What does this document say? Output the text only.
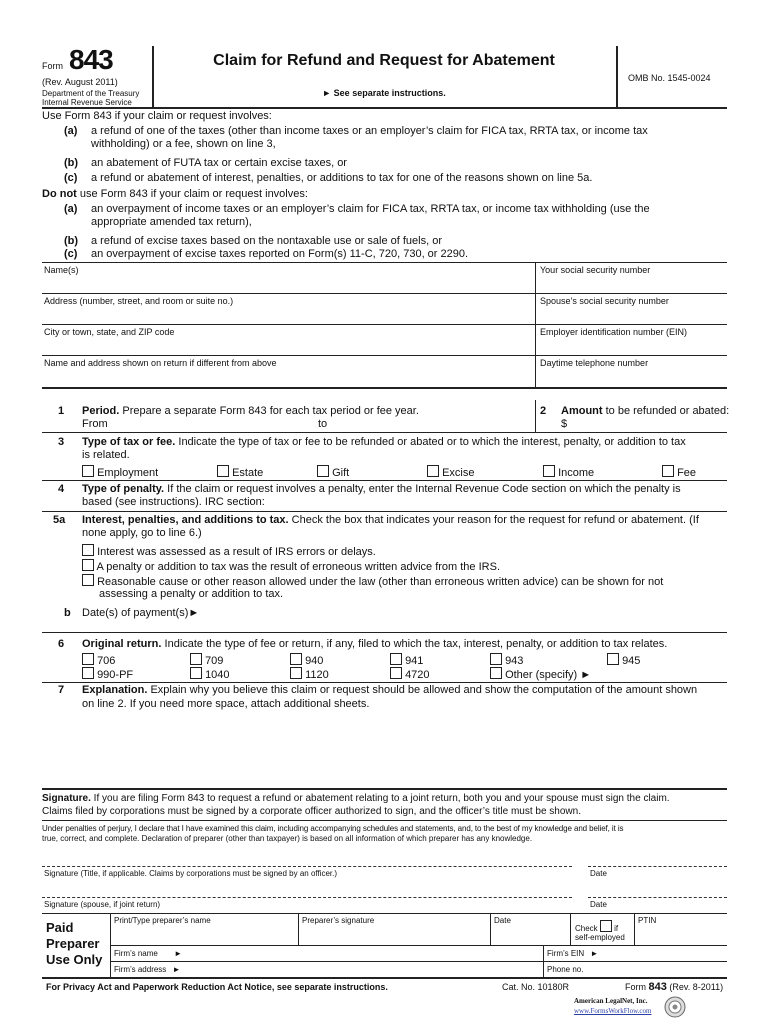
Form 843
(Rev. August 2011)
Department of the Treasury
Internal Revenue Service
Claim for Refund and Request for Abatement
► See separate instructions.
OMB No. 1545-0024
Use Form 843 if your claim or request involves:
(a) a refund of one of the taxes (other than income taxes or an employer’s claim for FICA tax, RRTA tax, or income tax
withholding) or a fee, shown on line 3,
(b) an abatement of FUTA tax or certain excise taxes, or
(c) a refund or abatement of interest, penalties, or additions to tax for one of the reasons shown on line 5a.
Do not use Form 843 if your claim or request involves:
(a) an overpayment of income taxes or an employer’s claim for FICA tax, RRTA tax, or income tax withholding (use the
appropriate amended tax return),
(b) a refund of excise taxes based on the nontaxable use or sale of fuels, or
(c) an overpayment of excise taxes reported on Form(s) 11-C, 720, 730, or 2290.
Name(s)	Your social security number
Address (number, street, and room or suite no.)	Spouse’s social security number
City or town, state, and ZIP code	Employer identification number (EIN)
Name and address shown on return if different from above	Daytime telephone number
1 Period. Prepare a separate Form 843 for each tax period or fee year.
From	to
2 Amount to be refunded or abated:
$
3 Type of tax or fee. Indicate the type of tax or fee to be refunded or abated or to which the interest, penalty, or addition to tax
is related.
Employment	Estate	Gift	Excise	Income	Fee
4 Type of penalty. If the claim or request involves a penalty, enter the Internal Revenue Code section on which the penalty is
based (see instructions). IRC section:
5a Interest, penalties, and additions to tax. Check the box that indicates your reason for the request for refund or abatement. (If
none apply, go to line 6.)
Interest was assessed as a result of IRS errors or delays.
A penalty or addition to tax was the result of erroneous written advice from the IRS.
Reasonable cause or other reason allowed under the law (other than erroneous written advice) can be shown for not
assessing a penalty or addition to tax.
b Date(s) of payment(s)►
6 Original return. Indicate the type of fee or return, if any, filed to which the tax, interest, penalty, or addition to tax relates.
706	709	940	941	943	945
990-PF	1040	1120	4720	Other (specify) ►
7 Explanation. Explain why you believe this claim or request should be allowed and show the computation of the amount shown
on line 2. If you need more space, attach additional sheets.
Signature. If you are filing Form 843 to request a refund or abatement relating to a joint return, both you and your spouse must sign the claim.
Claims filed by corporations must be signed by a corporate officer authorized to sign, and the officer’s title must be shown.
Under penalties of perjury, I declare that I have examined this claim, including accompanying schedules and statements, and, to the best of my knowledge and belief, it is
true, correct, and complete. Declaration of preparer (other than taxpayer) is based on all information of which preparer has any knowledge.
Signature (Title, if applicable. Claims by corporations must be signed by an officer.)	Date
Signature (spouse, if joint return)	Date
Paid
Preparer
Use Only
Print/Type preparer’s name	Preparer’s signature	Date
Check if
self-employed
PTIN
Firm’s name ►	Firm’s EIN ►
Firm’s address ►	Phone no.
For Privacy Act and Paperwork Reduction Act Notice, see separate instructions.	Cat. No. 10180R	Form 843 (Rev. 8-2011)
American LegalNet, Inc.
www.FormsWorkFlow.com
